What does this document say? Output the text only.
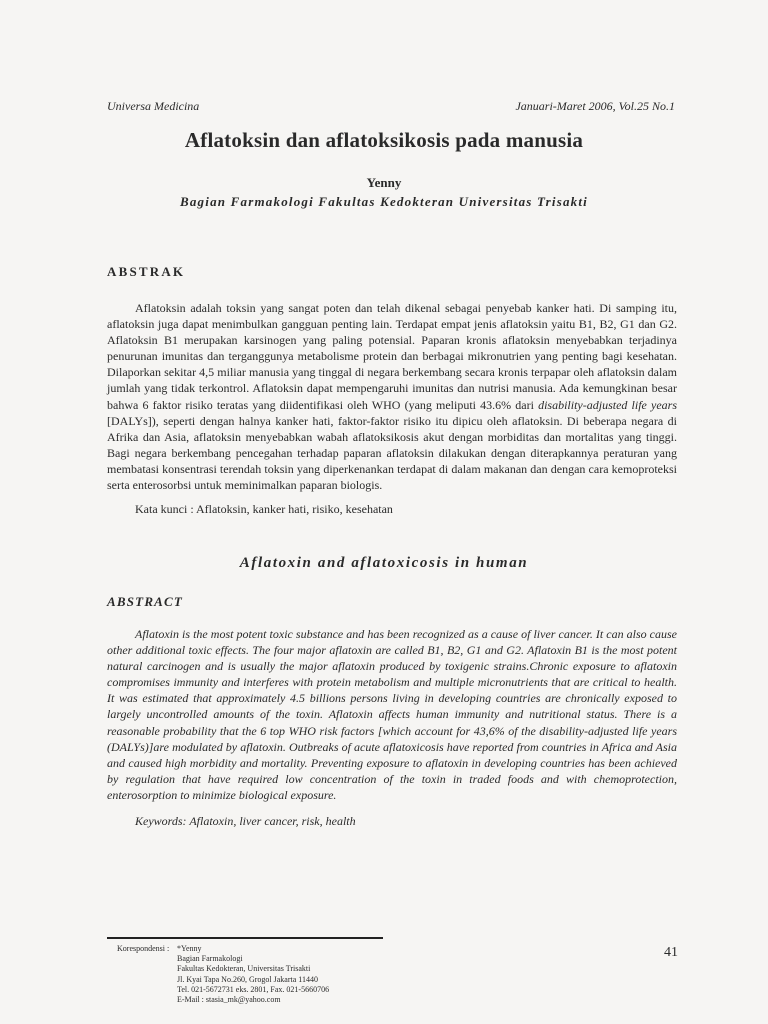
Universa Medicina	Januari-Maret 2006, Vol.25 No.1
Aflatoksin dan aflatoksikosis pada manusia
Yenny
Bagian Farmakologi Fakultas Kedokteran Universitas Trisakti
ABSTRAK

Aflatoksin adalah toksin yang sangat poten dan telah dikenal sebagai penyebab kanker hati. Di samping itu, aflatoksin juga dapat menimbulkan gangguan penting lain. Terdapat empat jenis aflatoksin yaitu B1, B2, G1 dan G2. Aflatoksin B1 merupakan karsinogen yang paling potensial. Paparan kronis aflatoksin menyebabkan terjadinya penurunan imunitas dan terganggunya metabolisme protein dan berbagai mikronutrien yang penting bagi kesehatan. Dilaporkan sekitar 4,5 miliar manusia yang tinggal di negara berkembang secara kronis terpapar oleh aflatoksin dalam jumlah yang tidak terkontrol. Aflatoksin dapat mempengaruhi imunitas dan nutrisi manusia. Ada kemungkinan besar bahwa 6 faktor risiko teratas yang diidentifikasi oleh WHO (yang meliputi 43.6% dari disability-adjusted life years [DALYs]), seperti dengan halnya kanker hati, faktor-faktor risiko itu dipicu oleh aflatoksin. Di beberapa negara di Afrika dan Asia, aflatoksin menyebabkan wabah aflatoksikosis akut dengan morbiditas dan mortalitas yang tinggi. Bagi negara berkembang pencegahan terhadap paparan aflatoksin dilakukan dengan diterapkannya peraturan yang membatasi konsentrasi terendah toksin yang diperkenankan terdapat di dalam makanan dan dengan cara kemoproteksi serta enterosorbsi untuk meminimalkan paparan biologis.

Kata kunci : Aflatoksin, kanker hati, risiko, kesehatan
Aflatoxin and aflatoxicosis in human
ABSTRACT

Aflatoxin is the most potent toxic substance and has been recognized as a cause of liver cancer. It can also cause other additional toxic effects. The four major aflatoxin are called B1, B2, G1 and G2. Aflatoxin B1 is the most potent natural carcinogen and is usually the major aflatoxin produced by toxigenic strains.Chronic exposure to aflatoxin compromises immunity and interferes with protein metabolism and multiple micronutrients that are critical to health. It was estimated that approximately 4.5 billions persons living in developing countries are chronically exposed to largely uncontrolled amounts of the toxin. Aflatoxin affects human immunity and nutritional status. There is a reasonable probability that the 6 top WHO risk factors [which account for 43,6% of the disability-adjusted life years (DALYs)]are modulated by aflatoxin. Outbreaks of acute aflatoxicosis have reported from countries in Africa and Asia and caused high morbidity and mortality. Preventing exposure to aflatoxin in developing countries has been achieved by regulation that have required low concentration of the toxin in traded foods and with chemoprotection, enterosorption to minimize biological exposure.

Keywords: Aflatoxin, liver cancer, risk, health
Korespondensi : *Yenny
Bagian Farmakologi
Fakultas Kedokteran, Universitas Trisakti
Jl. Kyai Tapa No.260, Grogol Jakarta 11440
Tel. 021-5672731 eks. 2801, Fax. 021-5660706
E-Mail : stasia_mk@yahoo.com
41
